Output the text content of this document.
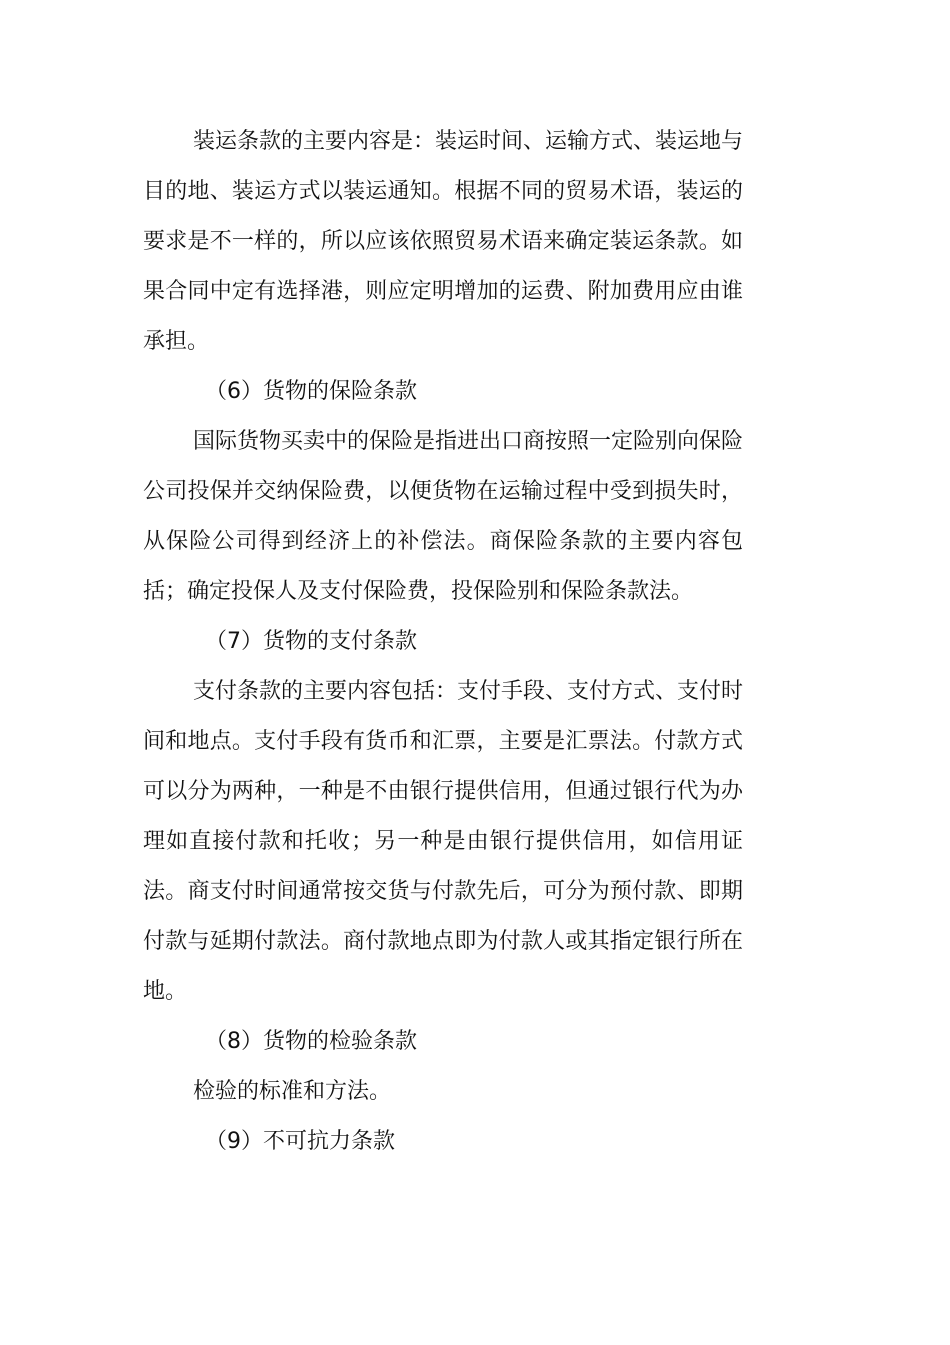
装运条款的主要内容是：装运时间、运输方式、装运地与目的地、装运方式以装运通知。根据不同的贸易术语，装运的要求是不一样的，所以应该依照贸易术语来确定装运条款。如果合同中定有选择港，则应定明增加的运费、附加费用应由谁承担。

（6）货物的保险条款

国际货物买卖中的保险是指进出口商按照一定险别向保险公司投保并交纳保险费，以便货物在运输过程中受到损失时，从保险公司得到经济上的补偿法。商保险条款的主要内容包括；确定投保人及支付保险费，投保险别和保险条款法。

（7）货物的支付条款

支付条款的主要内容包括：支付手段、支付方式、支付时间和地点。支付手段有货币和汇票，主要是汇票法。付款方式可以分为两种，一种是不由银行提供信用，但通过银行代为办理如直接付款和托收；另一种是由银行提供信用，如信用证法。商支付时间通常按交货与付款先后，可分为预付款、即期付款与延期付款法。商付款地点即为付款人或其指定银行所在地。

（8）货物的检验条款

检验的标准和方法。

（9）不可抗力条款
